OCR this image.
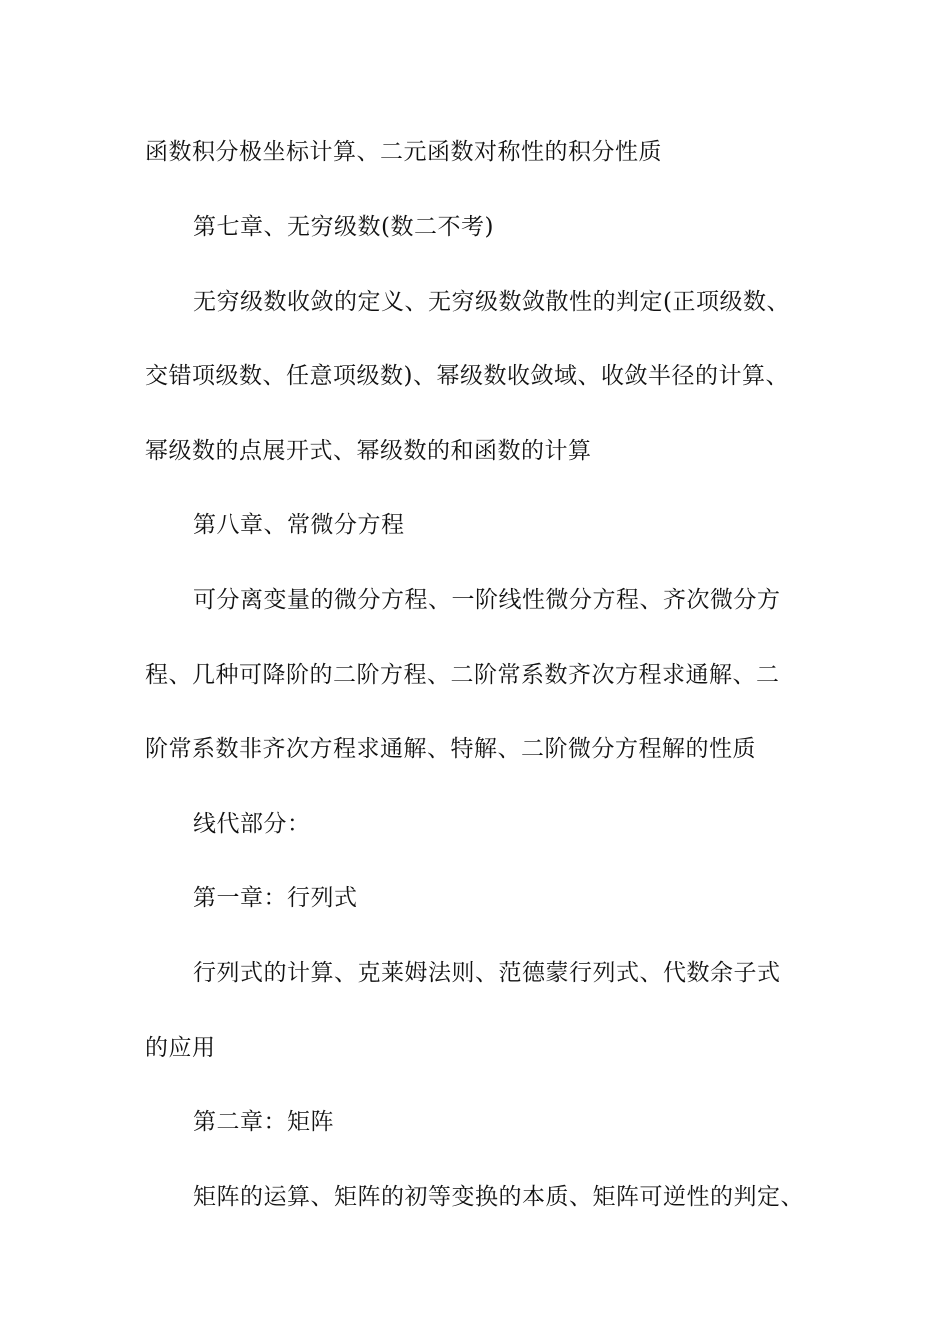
函数积分极坐标计算、二元函数对称性的积分性质
第七章、无穷级数(数二不考)
无穷级数收敛的定义、无穷级数敛散性的判定(正项级数、
交错项级数、任意项级数)、幂级数收敛域、收敛半径的计算、
幂级数的点展开式、幂级数的和函数的计算
第八章、常微分方程
可分离变量的微分方程、一阶线性微分方程、齐次微分方
程、几种可降阶的二阶方程、二阶常系数齐次方程求通解、二
阶常系数非齐次方程求通解、特解、二阶微分方程解的性质
线代部分：
第一章：行列式
行列式的计算、克莱姆法则、范德蒙行列式、代数余子式
的应用
第二章：矩阵
矩阵的运算、矩阵的初等变换的本质、矩阵可逆性的判定、
